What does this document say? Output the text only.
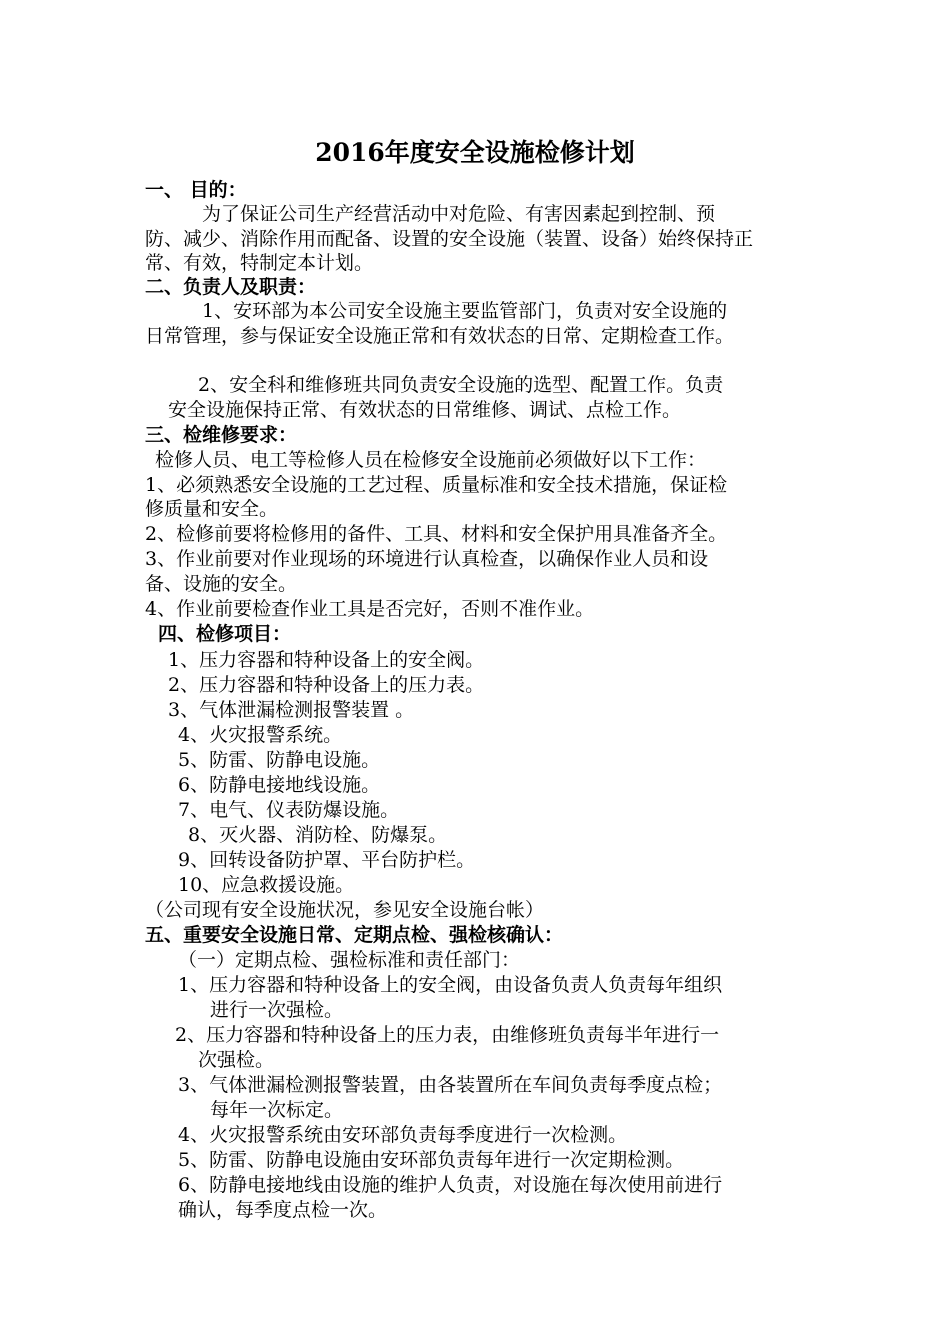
2016年度安全设施检修计划
一、 目的：
为了保证公司生产经营活动中对危险、有害因素起到控制、预
防、减少、消除作用而配备、设置的安全设施（装置、设备）始终保持正
常、有效，特制定本计划。
二、负责人及职责：
1、安环部为本公司安全设施主要监管部门，负责对安全设施的
日常管理，参与保证安全设施正常和有效状态的日常、定期检查工作。
2、安全科和维修班共同负责安全设施的选型、配置工作。负责
安全设施保持正常、有效状态的日常维修、调试、点检工作。
三、检维修要求：
检修人员、电工等检修人员在检修安全设施前必须做好以下工作：
1、必须熟悉安全设施的工艺过程、质量标准和安全技术措施，保证检
修质量和安全。
2、检修前要将检修用的备件、工具、材料和安全保护用具准备齐全。
3、作业前要对作业现场的环境进行认真检查，以确保作业人员和设
备、设施的安全。
4、作业前要检查作业工具是否完好，否则不准作业。
四、检修项目：
1、压力容器和特种设备上的安全阀。
2、压力容器和特种设备上的压力表。
3、气体泄漏检测报警装置 。
4、火灾报警系统。
5、防雷、防静电设施。
6、防静电接地线设施。
7、电气、仪表防爆设施。
8、灭火器、消防栓、防爆泵。
9、回转设备防护罩、平台防护栏。
10、应急救援设施。
（公司现有安全设施状况，参见安全设施台帐）
五、重要安全设施日常、定期点检、强检核确认：
（一）定期点检、强检标准和责任部门：
1、压力容器和特种设备上的安全阀，由设备负责人负责每年组织
进行一次强检。
2、压力容器和特种设备上的压力表，由维修班负责每半年进行一
次强检。
3、气体泄漏检测报警装置，由各装置所在车间负责每季度点检；
每年一次标定。
4、火灾报警系统由安环部负责每季度进行一次检测。
5、防雷、防静电设施由安环部负责每年进行一次定期检测。
6、防静电接地线由设施的维护人负责，对设施在每次使用前进行
确认，每季度点检一次。
